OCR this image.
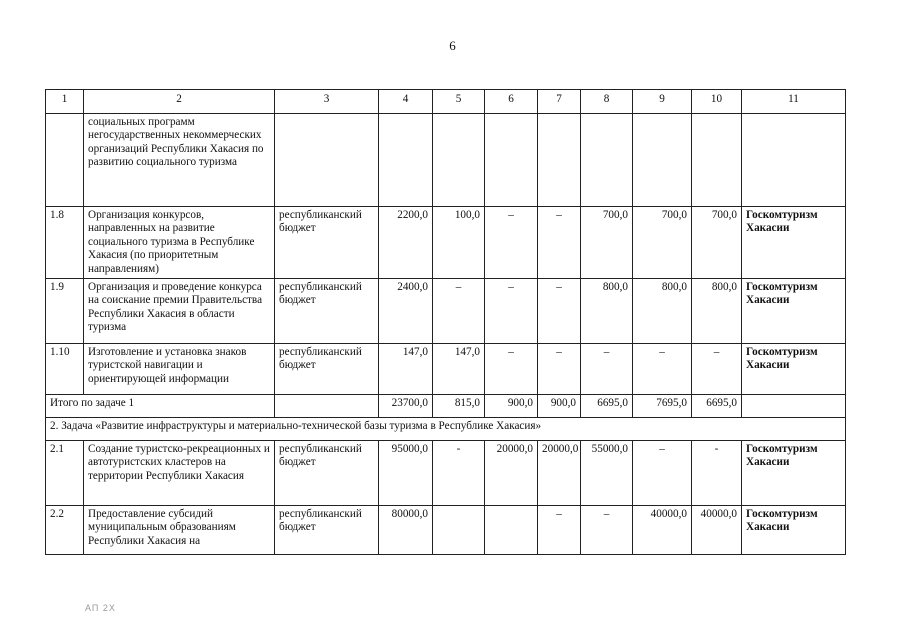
6
1	2	3	4	5	6	7	8	9	10	11
	социальных программ негосударственных некоммерческих организаций Республики Хакасия по развитию социального туризма									
1.8	Организация конкурсов, направленных на развитие социального туризма в Республике Хакасия (по приоритетным направлениям)	республиканский бюджет	2200,0	100,0	–	–	700,0	700,0	700,0	Госкомтуризм Хакасии
1.9	Организация и проведение конкурса на соискание премии Правительства Республики Хакасия в области туризма	республиканский бюджет	2400,0	–	–	–	800,0	800,0	800,0	Госкомтуризм Хакасии
1.10	Изготовление и установка знаков туристской навигации и ориентирующей информации	республиканский бюджет	147,0	147,0	–	–	–	–	–	Госкомтуризм Хакасии
Итого по задаче 1			23700,0	815,0	900,0	900,0	6695,0	7695,0	6695,0	
2. Задача «Развитие инфраструктуры и материально-технической базы туризма в Республике Хакасия»										
2.1	Создание туристско-рекреационных и автотуристских кластеров на территории Республики Хакасия	республиканский бюджет	95000,0	-	20000,0	20000,0	55000,0	–	-	Госкомтуризм Хакасии
2.2	Предоставление субсидий муниципальным образованиям Республики Хакасия на	республиканский бюджет	80000,0			–	–	40000,0	40000,0	Госкомтуризм Хакасии
АП 2Х
